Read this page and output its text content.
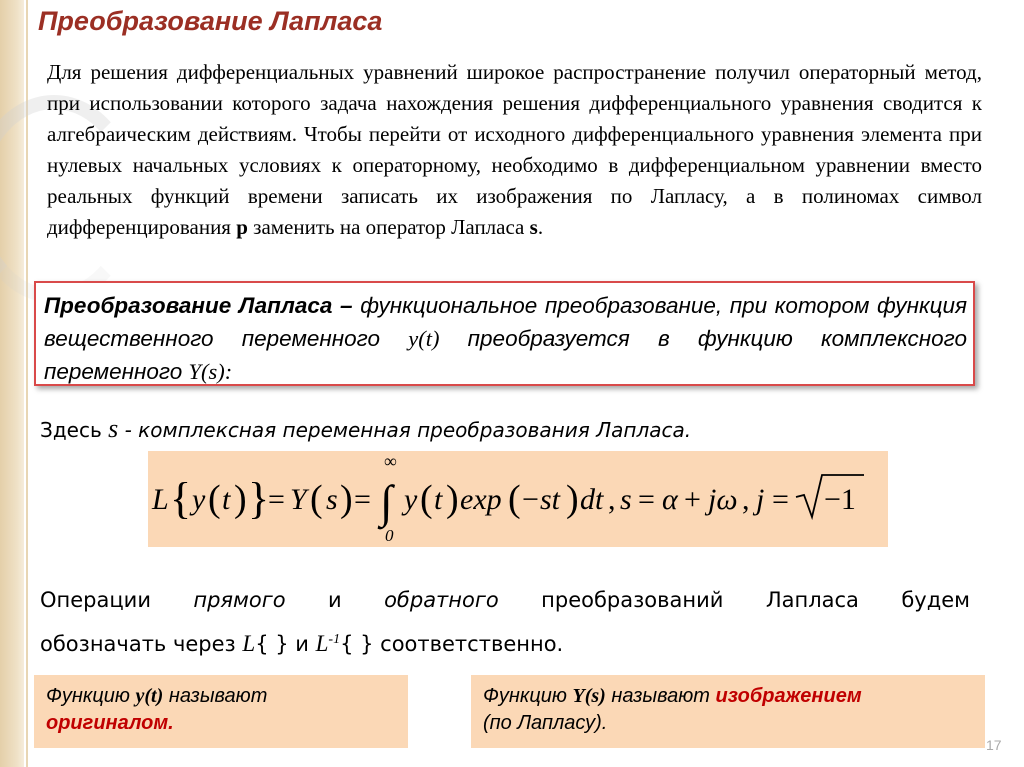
Преобразование Лапласа

Для решения дифференциальных уравнений широкое распространение получил операторный метод, при использовании которого задача нахождения решения дифференциального уравнения сводится к алгебраическим действиям. Чтобы перейти от исходного дифференциального уравнения элемента при нулевых начальных условиях к операторному, необходимо в дифференциальном уравнении вместо реальных функций времени записать их изображения по Лапласу, а в полиномах символ дифференцирования p заменить на оператор Лапласа s.

Преобразование Лапласа – функциональное преобразование, при котором функция вещественного переменного y(t) преобразуется в функцию комплексного переменного Y(s):

Здесь s - комплексная переменная преобразования Лапласа.

L { y ( t ) }
= Y ( s ) =
∞
∫
0
y ( t ) exp ( − st ) dt , s = α + jω , j = −1
Операции прямого и обратного преобразований Лапласа будем
обозначать через L{ } и $L^{-1}${ } соответственно.
Функцию y(t) называют
оригиналом.
Функцию Y(s) называют изображением
(по Лапласу).
17
